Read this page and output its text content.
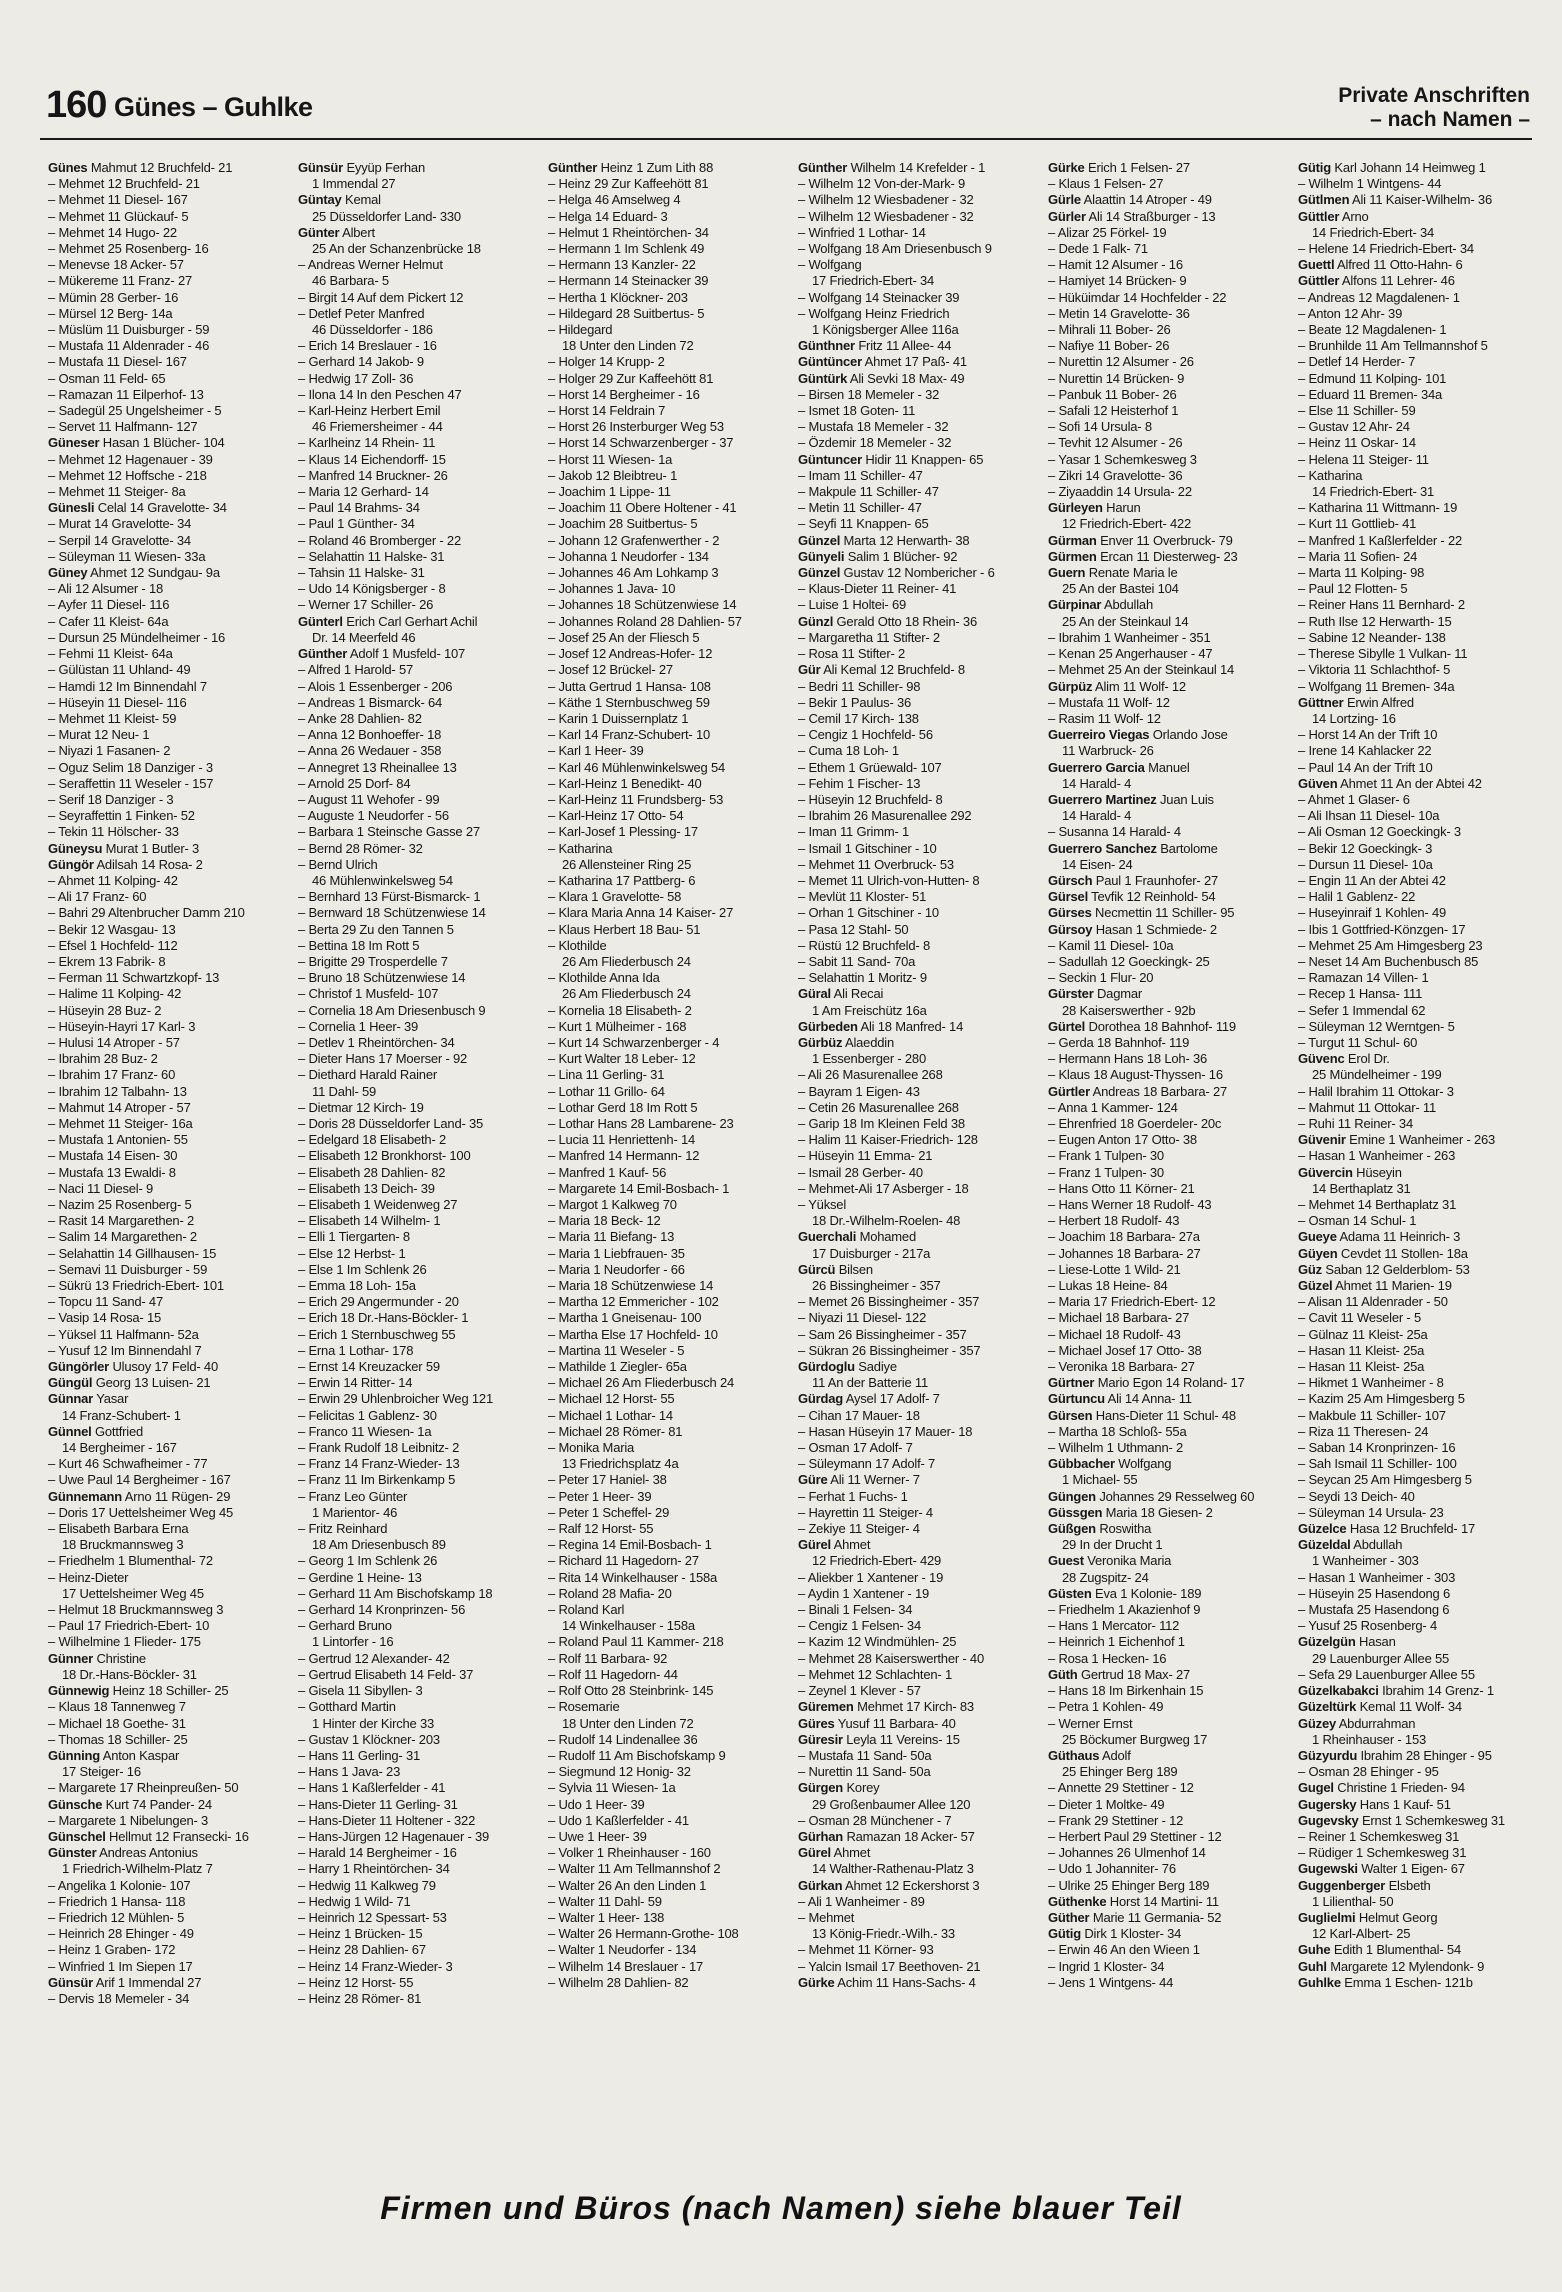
160 Günes – Guhlke	Private Anschriften
– nach Namen –
Günes Mahmut 12 Bruchfeld- 21
– Mehmet 12 Bruchfeld- 21
– Mehmet 11 Diesel- 167
– Mehmet 11 Glückauf- 5
– Mehmet 14 Hugo- 22
– Mehmet 25 Rosenberg- 16
– Menevse 18 Acker- 57
– Mükereme 11 Franz- 27
– Mümin 28 Gerber- 16
– Mürsel 12 Berg- 14a
– Müslüm 11 Duisburger - 59
– Mustafa 11 Aldenrader - 46
– Mustafa 11 Diesel- 167
– Osman 11 Feld- 65
– Ramazan 11 Eilperhof- 13
– Sadegül 25 Ungelsheimer - 5
– Servet 11 Halfmann- 127
Güneser Hasan 1 Blücher- 104
– Mehmet 12 Hagenauer - 39
– Mehmet 12 Hoffsche - 218
– Mehmet 11 Steiger- 8a
Günesli Celal 14 Gravelotte- 34
– Murat 14 Gravelotte- 34
– Serpil 14 Gravelotte- 34
– Süleyman 11 Wiesen- 33a
Güney Ahmet 12 Sundgau- 9a
– Ali 12 Alsumer - 18
– Ayfer 11 Diesel- 116
– Cafer 11 Kleist- 64a
– Dursun 25 Mündelheimer - 16
– Fehmi 11 Kleist- 64a
– Gülüstan 11 Uhland- 49
– Hamdi 12 Im Binnendahl 7
– Hüseyin 11 Diesel- 116
– Mehmet 11 Kleist- 59
– Murat 12 Neu- 1
– Niyazi 1 Fasanen- 2
– Oguz Selim 18 Danziger - 3
– Seraffettin 11 Weseler - 157
– Serif 18 Danziger - 3
– Seyraffettin 1 Finken- 52
– Tekin 11 Hölscher- 33
Güneysu Murat 1 Butler- 3
Güngör Adilsah 14 Rosa- 2
– Ahmet 11 Kolping- 42
– Ali 17 Franz- 60
– Bahri 29 Altenbrucher Damm 210
– Bekir 12 Wasgau- 13
– Efsel 1 Hochfeld- 112
– Ekrem 13 Fabrik- 8
– Ferman 11 Schwartzkopf- 13
– Halime 11 Kolping- 42
– Hüseyin 28 Buz- 2
– Hüseyin-Hayri 17 Karl- 3
– Hulusi 14 Atroper - 57
– Ibrahim 28 Buz- 2
– Ibrahim 17 Franz- 60
– Ibrahim 12 Talbahn- 13
– Mahmut 14 Atroper - 57
– Mehmet 11 Steiger- 16a
– Mustafa 1 Antonien- 55
– Mustafa 14 Eisen- 30
– Mustafa 13 Ewaldi- 8
– Naci 11 Diesel- 9
– Nazim 25 Rosenberg- 5
– Rasit 14 Margarethen- 2
– Salim 14 Margarethen- 2
– Selahattin 14 Gillhausen- 15
– Semavi 11 Duisburger - 59
– Sükrü 13 Friedrich-Ebert- 101
– Topcu 11 Sand- 47
– Vasip 14 Rosa- 15
– Yüksel 11 Halfmann- 52a
– Yusuf 12 Im Binnendahl 7
Güngörler Ulusoy 17 Feld- 40
Güngül Georg 13 Luisen- 21
Günnar Yasar
14 Franz-Schubert- 1
Günnel Gottfried
14 Bergheimer - 167
– Kurt 46 Schwafheimer - 77
– Uwe Paul 14 Bergheimer - 167
Günnemann Arno 11 Rügen- 29
– Doris 17 Uettelsheimer Weg 45
– Elisabeth Barbara Erna
18 Bruckmannsweg 3
– Friedhelm 1 Blumenthal- 72
– Heinz-Dieter
17 Uettelsheimer Weg 45
– Helmut 18 Bruckmannsweg 3
– Paul 17 Friedrich-Ebert- 10
– Wilhelmine 1 Flieder- 175
Günner Christine
18 Dr.-Hans-Böckler- 31
Günnewig Heinz 18 Schiller- 25
– Klaus 18 Tannenweg 7
– Michael 18 Goethe- 31
– Thomas 18 Schiller- 25
Günning Anton Kaspar
17 Steiger- 16
– Margarete 17 Rheinpreußen- 50
Günsche Kurt 74 Pander- 24
– Margarete 1 Nibelungen- 3
Günschel Hellmut 12 Fransecki- 16
Günster Andreas Antonius
1 Friedrich-Wilhelm-Platz 7
– Angelika 1 Kolonie- 107
– Friedrich 1 Hansa- 118
– Friedrich 12 Mühlen- 5
– Heinrich 28 Ehinger - 49
– Heinz 1 Graben- 172
– Winfried 1 Im Siepen 17
Günsür Arif 1 Immendal 27
– Dervis 18 Memeler - 34
Günsür Eyyüp Ferhan
1 Immendal 27
Güntay Kemal
25 Düsseldorfer Land- 330
Günter Albert
25 An der Schanzenbrücke 18
– Andreas Werner Helmut
46 Barbara- 5
– Birgit 14 Auf dem Pickert 12
– Detlef Peter Manfred
46 Düsseldorfer - 186
– Erich 14 Breslauer - 16
– Gerhard 14 Jakob- 9
– Hedwig 17 Zoll- 36
– Ilona 14 In den Peschen 47
– Karl-Heinz Herbert Emil
46 Friemersheimer - 44
– Karlheinz 14 Rhein- 11
– Klaus 14 Eichendorff- 15
– Manfred 14 Bruckner- 26
– Maria 12 Gerhard- 14
– Paul 14 Brahms- 34
– Paul 1 Günther- 34
– Roland 46 Bromberger - 22
– Selahattin 11 Halske- 31
– Tahsin 11 Halske- 31
– Udo 14 Königsberger - 8
– Werner 17 Schiller- 26
Günterl Erich Carl Gerhart Achil
Dr. 14 Meerfeld 46
Günther Adolf 1 Musfeld- 107
– Alfred 1 Harold- 57
– Alois 1 Essenberger - 206
– Andreas 1 Bismarck- 64
– Anke 28 Dahlien- 82
– Anna 12 Bonhoeffer- 18
– Anna 26 Wedauer - 358
– Annegret 13 Rheinallee 13
– Arnold 25 Dorf- 84
– August 11 Wehofer - 99
– Auguste 1 Neudorfer - 56
– Barbara 1 Steinsche Gasse 27
– Bernd 28 Römer- 32
– Bernd Ulrich
46 Mühlenwinkelsweg 54
– Bernhard 13 Fürst-Bismarck- 1
– Bernward 18 Schützenwiese 14
– Berta 29 Zu den Tannen 5
– Bettina 18 Im Rott 5
– Brigitte 29 Trosperdelle 7
– Bruno 18 Schützenwiese 14
– Christof 1 Musfeld- 107
– Cornelia 18 Am Driesenbusch 9
– Cornelia 1 Heer- 39
– Detlev 1 Rheintörchen- 34
– Dieter Hans 17 Moerser - 92
– Diethard Harald Rainer
11 Dahl- 59
– Dietmar 12 Kirch- 19
– Doris 28 Düsseldorfer Land- 35
– Edelgard 18 Elisabeth- 2
– Elisabeth 12 Bronkhorst- 100
– Elisabeth 28 Dahlien- 82
– Elisabeth 13 Deich- 39
– Elisabeth 1 Weidenweg 27
– Elisabeth 14 Wilhelm- 1
– Elli 1 Tiergarten- 8
– Else 12 Herbst- 1
– Else 1 Im Schlenk 26
– Emma 18 Loh- 15a
– Erich 29 Angermunder - 20
– Erich 18 Dr.-Hans-Böckler- 1
– Erich 1 Sternbuschweg 55
– Erna 1 Lothar- 178
– Ernst 14 Kreuzacker 59
– Erwin 14 Ritter- 14
– Erwin 29 Uhlenbroicher Weg 121
– Felicitas 1 Gablenz- 30
– Franco 11 Wiesen- 1a
– Frank Rudolf 18 Leibnitz- 2
– Franz 14 Franz-Wieder- 13
– Franz 11 Im Birkenkamp 5
– Franz Leo Günter
1 Marientor- 46
– Fritz Reinhard
18 Am Driesenbusch 89
– Georg 1 Im Schlenk 26
– Gerdine 1 Heine- 13
– Gerhard 11 Am Bischofskamp 18
– Gerhard 14 Kronprinzen- 56
– Gerhard Bruno
1 Lintorfer - 16
– Gertrud 12 Alexander- 42
– Gertrud Elisabeth 14 Feld- 37
– Gisela 11 Sibyllen- 3
– Gotthard Martin
1 Hinter der Kirche 33
– Gustav 1 Klöckner- 203
– Hans 11 Gerling- 31
– Hans 1 Java- 23
– Hans 1 Kaßlerfelder - 41
– Hans-Dieter 11 Gerling- 31
– Hans-Dieter 11 Holtener - 322
– Hans-Jürgen 12 Hagenauer - 39
– Harald 14 Bergheimer - 16
– Harry 1 Rheintörchen- 34
– Hedwig 11 Kalkweg 79
– Hedwig 1 Wild- 71
– Heinrich 12 Spessart- 53
– Heinz 1 Brücken- 15
– Heinz 28 Dahlien- 67
– Heinz 14 Franz-Wieder- 3
– Heinz 12 Horst- 55
– Heinz 28 Römer- 81
Günther Heinz 1 Zum Lith 88
– Heinz 29 Zur Kaffeehött 81
– Helga 46 Amselweg 4
– Helga 14 Eduard- 3
– Helmut 1 Rheintörchen- 34
– Hermann 1 Im Schlenk 49
– Hermann 13 Kanzler- 22
– Hermann 14 Steinacker 39
– Hertha 1 Klöckner- 203
– Hildegard 28 Suitbertus- 5
– Hildegard
18 Unter den Linden 72
– Holger 14 Krupp- 2
– Holger 29 Zur Kaffeehött 81
– Horst 14 Bergheimer - 16
– Horst 14 Feldrain 7
– Horst 26 Insterburger Weg 53
– Horst 14 Schwarzenberger - 37
– Horst 11 Wiesen- 1a
– Jakob 12 Bleibtreu- 1
– Joachim 1 Lippe- 11
– Joachim 11 Obere Holtener - 41
– Joachim 28 Suitbertus- 5
– Johann 12 Grafenwerther - 2
– Johanna 1 Neudorfer - 134
– Johannes 46 Am Lohkamp 3
– Johannes 1 Java- 10
– Johannes 18 Schützenwiese 14
– Johannes Roland 28 Dahlien- 57
– Josef 25 An der Fliesch 5
– Josef 12 Andreas-Hofer- 12
– Josef 12 Brückel- 27
– Jutta Gertrud 1 Hansa- 108
– Käthe 1 Sternbuschweg 59
– Karin 1 Duissernplatz 1
– Karl 14 Franz-Schubert- 10
– Karl 1 Heer- 39
– Karl 46 Mühlenwinkelsweg 54
– Karl-Heinz 1 Benedikt- 40
– Karl-Heinz 11 Frundsberg- 53
– Karl-Heinz 17 Otto- 54
– Karl-Josef 1 Plessing- 17
– Katharina
26 Allensteiner Ring 25
– Katharina 17 Pattberg- 6
– Klara 1 Gravelotte- 58
– Klara Maria Anna 14 Kaiser- 27
– Klaus Herbert 18 Bau- 51
– Klothilde
26 Am Fliederbusch 24
– Klothilde Anna Ida
26 Am Fliederbusch 24
– Kornelia 18 Elisabeth- 2
– Kurt 1 Mülheimer - 168
– Kurt 14 Schwarzenberger - 4
– Kurt Walter 18 Leber- 12
– Lina 11 Gerling- 31
– Lothar 11 Grillo- 64
– Lothar Gerd 18 Im Rott 5
– Lothar Hans 28 Lambarene- 23
– Lucia 11 Henriettenh- 14
– Manfred 14 Hermann- 12
– Manfred 1 Kauf- 56
– Margarete 14 Emil-Bosbach- 1
– Margot 1 Kalkweg 70
– Maria 18 Beck- 12
– Maria 11 Biefang- 13
– Maria 1 Liebfrauen- 35
– Maria 1 Neudorfer - 66
– Maria 18 Schützenwiese 14
– Martha 12 Emmericher - 102
– Martha 1 Gneisenau- 100
– Martha Else 17 Hochfeld- 10
– Martina 11 Weseler - 5
– Mathilde 1 Ziegler- 65a
– Michael 26 Am Fliederbusch 24
– Michael 12 Horst- 55
– Michael 1 Lothar- 14
– Michael 28 Römer- 81
– Monika Maria
13 Friedrichsplatz 4a
– Peter 17 Haniel- 38
– Peter 1 Heer- 39
– Peter 1 Scheffel- 29
– Ralf 12 Horst- 55
– Regina 14 Emil-Bosbach- 1
– Richard 11 Hagedorn- 27
– Rita 14 Winkelhauser - 158a
– Roland 28 Mafia- 20
– Roland Karl
14 Winkelhauser - 158a
– Roland Paul 11 Kammer- 218
– Rolf 11 Barbara- 92
– Rolf 11 Hagedorn- 44
– Rolf Otto 28 Steinbrink- 145
– Rosemarie
18 Unter den Linden 72
– Rudolf 14 Lindenallee 36
– Rudolf 11 Am Bischofskamp 9
– Siegmund 12 Honig- 32
– Sylvia 11 Wiesen- 1a
– Udo 1 Heer- 39
– Udo 1 Kaßlerfelder - 41
– Uwe 1 Heer- 39
– Volker 1 Rheinhauser - 160
– Walter 11 Am Tellmannshof 2
– Walter 26 An den Linden 1
– Walter 11 Dahl- 59
– Walter 1 Heer- 138
– Walter 26 Hermann-Grothe- 108
– Walter 1 Neudorfer - 134
– Wilhelm 14 Breslauer - 17
– Wilhelm 28 Dahlien- 82
Günther Wilhelm 14 Krefelder - 1
– Wilhelm 12 Von-der-Mark- 9
– Wilhelm 12 Wiesbadener - 32
– Wilhelm 12 Wiesbadener - 32
– Winfried 1 Lothar- 14
– Wolfgang 18 Am Driesenbusch 9
– Wolfgang
17 Friedrich-Ebert- 34
– Wolfgang 14 Steinacker 39
– Wolfgang Heinz Friedrich
1 Königsberger Allee 116a
Günthner Fritz 11 Allee- 44
Güntüncer Ahmet 17 Paß- 41
Güntürk Ali Sevki 18 Max- 49
– Birsen 18 Memeler - 32
– Ismet 18 Goten- 11
– Mustafa 18 Memeler - 32
– Özdemir 18 Memeler - 32
Güntuncer Hidir 11 Knappen- 65
– Imam 11 Schiller- 47
– Makpule 11 Schiller- 47
– Metin 11 Schiller- 47
– Seyfi 11 Knappen- 65
Günzel Marta 12 Herwarth- 38
Günyeli Salim 1 Blücher- 92
Günzel Gustav 12 Nombericher - 6
– Klaus-Dieter 11 Reiner- 41
– Luise 1 Holtei- 69
Günzl Gerald Otto 18 Rhein- 36
– Margaretha 11 Stifter- 2
– Rosa 11 Stifter- 2
Gür Ali Kemal 12 Bruchfeld- 8
– Bedri 11 Schiller- 98
– Bekir 1 Paulus- 36
– Cemil 17 Kirch- 138
– Cengiz 1 Hochfeld- 56
– Cuma 18 Loh- 1
– Ethem 1 Grüewald- 107
– Fehim 1 Fischer- 13
– Hüseyin 12 Bruchfeld- 8
– Ibrahim 26 Masurenallee 292
– Iman 11 Grimm- 1
– Ismail 1 Gitschiner - 10
– Mehmet 11 Overbruck- 53
– Memet 11 Ulrich-von-Hutten- 8
– Mevlüt 11 Kloster- 51
– Orhan 1 Gitschiner - 10
– Pasa 12 Stahl- 50
– Rüstü 12 Bruchfeld- 8
– Sabit 11 Sand- 70a
– Selahattin 1 Moritz- 9
Güral Ali Recai
1 Am Freischütz 16a
Gürbeden Ali 18 Manfred- 14
Gürbüz Alaeddin
1 Essenberger - 280
– Ali 26 Masurenallee 268
– Bayram 1 Eigen- 43
– Cetin 26 Masurenallee 268
– Garip 18 Im Kleinen Feld 38
– Halim 11 Kaiser-Friedrich- 128
– Hüseyin 11 Emma- 21
– Ismail 28 Gerber- 40
– Mehmet-Ali 17 Asberger - 18
– Yüksel
18 Dr.-Wilhelm-Roelen- 48
Guerchali Mohamed
17 Duisburger - 217a
Gürcü Bilsen
26 Bissingheimer - 357
– Memet 26 Bissingheimer - 357
– Niyazi 11 Diesel- 122
– Sam 26 Bissingheimer - 357
– Sükran 26 Bissingheimer - 357
Gürdoglu Sadiye
11 An der Batterie 11
Gürdag Aysel 17 Adolf- 7
– Cihan 17 Mauer- 18
– Hasan Hüseyin 17 Mauer- 18
– Osman 17 Adolf- 7
– Süleymann 17 Adolf- 7
Güre Ali 11 Werner- 7
– Ferhat 1 Fuchs- 1
– Hayrettin 11 Steiger- 4
– Zekiye 11 Steiger- 4
Gürel Ahmet
12 Friedrich-Ebert- 429
– Aliekber 1 Xantener - 19
– Aydin 1 Xantener - 19
– Binali 1 Felsen- 34
– Cengiz 1 Felsen- 34
– Kazim 12 Windmühlen- 25
– Mehmet 28 Kaiserswerther - 40
– Mehmet 12 Schlachten- 1
– Zeynel 1 Klever - 57
Güremen Mehmet 17 Kirch- 83
Güres Yusuf 11 Barbara- 40
Güresir Leyla 11 Vereins- 15
– Mustafa 11 Sand- 50a
– Nurettin 11 Sand- 50a
Gürgen Korey
29 Großenbaumer Allee 120
– Osman 28 Münchener - 7
Gürhan Ramazan 18 Acker- 57
Gürel Ahmet
14 Walther-Rathenau-Platz 3
Gürkan Ahmet 12 Eckershorst 3
– Ali 1 Wanheimer - 89
– Mehmet
13 König-Friedr.-Wilh.- 33
– Mehmet 11 Körner- 93
– Yalcin Ismail 17 Beethoven- 21
Gürke Achim 11 Hans-Sachs- 4
Gürke Erich 1 Felsen- 27
– Klaus 1 Felsen- 27
Gürle Alaattin 14 Atroper - 49
Gürler Ali 14 Straßburger - 13
– Alizar 25 Förkel- 19
– Dede 1 Falk- 71
– Hamit 12 Alsumer - 16
– Hamiyet 14 Brücken- 9
– Hüküimdar 14 Hochfelder - 22
– Metin 14 Gravelotte- 36
– Mihrali 11 Bober- 26
– Nafiye 11 Bober- 26
– Nurettin 12 Alsumer - 26
– Nurettin 14 Brücken- 9
– Panbuk 11 Bober- 26
– Safali 12 Heisterhof 1
– Sofi 14 Ursula- 8
– Tevhit 12 Alsumer - 26
– Yasar 1 Schemkesweg 3
– Zikri 14 Gravelotte- 36
– Ziyaaddin 14 Ursula- 22
Gürleyen Harun
12 Friedrich-Ebert- 422
Gürman Enver 11 Overbruck- 79
Gürmen Ercan 11 Diesterweg- 23
Guern Renate Maria le
25 An der Bastei 104
Gürpinar Abdullah
25 An der Steinkaul 14
– Ibrahim 1 Wanheimer - 351
– Kenan 25 Angerhauser - 47
– Mehmet 25 An der Steinkaul 14
Gürpüz Alim 11 Wolf- 12
– Mustafa 11 Wolf- 12
– Rasim 11 Wolf- 12
Guerreiro Viegas Orlando Jose
11 Warbruck- 26
Guerrero Garcia Manuel
14 Harald- 4
Guerrero Martinez Juan Luis
14 Harald- 4
– Susanna 14 Harald- 4
Guerrero Sanchez Bartolome
14 Eisen- 24
Gürsch Paul 1 Fraunhofer- 27
Gürsel Tevfik 12 Reinhold- 54
Gürses Necmettin 11 Schiller- 95
Gürsoy Hasan 1 Schmiede- 2
– Kamil 11 Diesel- 10a
– Sadullah 12 Goeckingk- 25
– Seckin 1 Flur- 20
Gürster Dagmar
28 Kaiserswerther - 92b
Gürtel Dorothea 18 Bahnhof- 119
– Gerda 18 Bahnhof- 119
– Hermann Hans 18 Loh- 36
– Klaus 18 August-Thyssen- 16
Gürtler Andreas 18 Barbara- 27
– Anna 1 Kammer- 124
– Ehrenfried 18 Goerdeler- 20c
– Eugen Anton 17 Otto- 38
– Frank 1 Tulpen- 30
– Franz 1 Tulpen- 30
– Hans Otto 11 Körner- 21
– Hans Werner 18 Rudolf- 43
– Herbert 18 Rudolf- 43
– Joachim 18 Barbara- 27a
– Johannes 18 Barbara- 27
– Liese-Lotte 1 Wild- 21
– Lukas 18 Heine- 84
– Maria 17 Friedrich-Ebert- 12
– Michael 18 Barbara- 27
– Michael 18 Rudolf- 43
– Michael Josef 17 Otto- 38
– Veronika 18 Barbara- 27
Gürtner Mario Egon 14 Roland- 17
Gürtuncu Ali 14 Anna- 11
Gürsen Hans-Dieter 11 Schul- 48
– Martha 18 Schloß- 55a
– Wilhelm 1 Uthmann- 2
Gübbacher Wolfgang
1 Michael- 55
Güngen Johannes 29 Resselweg 60
Güssgen Maria 18 Giesen- 2
Güßgen Roswitha
29 In der Drucht 1
Guest Veronika Maria
28 Zugspitz- 24
Güsten Eva 1 Kolonie- 189
– Friedhelm 1 Akazienhof 9
– Hans 1 Mercator- 112
– Heinrich 1 Eichenhof 1
– Rosa 1 Hecken- 16
Güth Gertrud 18 Max- 27
– Hans 18 Im Birkenhain 15
– Petra 1 Kohlen- 49
– Werner Ernst
25 Böckumer Burgweg 17
Güthaus Adolf
25 Ehinger Berg 189
– Annette 29 Stettiner - 12
– Dieter 1 Moltke- 49
– Frank 29 Stettiner - 12
– Herbert Paul 29 Stettiner - 12
– Johannes 26 Ulmenhof 14
– Udo 1 Johanniter- 76
– Ulrike 25 Ehinger Berg 189
Güthenke Horst 14 Martini- 11
Güther Marie 11 Germania- 52
Gütig Dirk 1 Kloster- 34
– Erwin 46 An den Wieen 1
– Ingrid 1 Kloster- 34
– Jens 1 Wintgens- 44
Gütig Karl Johann 14 Heimweg 1
– Wilhelm 1 Wintgens- 44
Gütlmen Ali 11 Kaiser-Wilhelm- 36
Güttler Arno
14 Friedrich-Ebert- 34
– Helene 14 Friedrich-Ebert- 34
Guettl Alfred 11 Otto-Hahn- 6
Güttler Alfons 11 Lehrer- 46
– Andreas 12 Magdalenen- 1
– Anton 12 Ahr- 39
– Beate 12 Magdalenen- 1
– Brunhilde 11 Am Tellmannshof 5
– Detlef 14 Herder- 7
– Edmund 11 Kolping- 101
– Eduard 11 Bremen- 34a
– Else 11 Schiller- 59
– Gustav 12 Ahr- 24
– Heinz 11 Oskar- 14
– Helena 11 Steiger- 11
– Katharina
14 Friedrich-Ebert- 31
– Katharina 11 Wittmann- 19
– Kurt 11 Gottlieb- 41
– Manfred 1 Kaßlerfelder - 22
– Maria 11 Sofien- 24
– Marta 11 Kolping- 98
– Paul 12 Flotten- 5
– Reiner Hans 11 Bernhard- 2
– Ruth Ilse 12 Herwarth- 15
– Sabine 12 Neander- 138
– Therese Sibylle 1 Vulkan- 11
– Viktoria 11 Schlachthof- 5
– Wolfgang 11 Bremen- 34a
Güttner Erwin Alfred
14 Lortzing- 16
– Horst 14 An der Trift 10
– Irene 14 Kahlacker 22
– Paul 14 An der Trift 10
Güven Ahmet 11 An der Abtei 42
– Ahmet 1 Glaser- 6
– Ali Ihsan 11 Diesel- 10a
– Ali Osman 12 Goeckingk- 3
– Bekir 12 Goeckingk- 3
– Dursun 11 Diesel- 10a
– Engin 11 An der Abtei 42
– Halil 1 Gablenz- 22
– Huseyinraif 1 Kohlen- 49
– Ibis 1 Gottfried-Könzgen- 17
– Mehmet 25 Am Himgesberg 23
– Neset 14 Am Buchenbusch 85
– Ramazan 14 Villen- 1
– Recep 1 Hansa- 111
– Sefer 1 Immendal 62
– Süleyman 12 Werntgen- 5
– Turgut 11 Schul- 60
Güvenc Erol Dr.
25 Mündelheimer - 199
– Halil Ibrahim 11 Ottokar- 3
– Mahmut 11 Ottokar- 11
– Ruhi 11 Reiner- 34
Güvenir Emine 1 Wanheimer - 263
– Hasan 1 Wanheimer - 263
Güvercin Hüseyin
14 Berthaplatz 31
– Mehmet 14 Berthaplatz 31
– Osman 14 Schul- 1
Gueye Adama 11 Heinrich- 3
Güyen Cevdet 11 Stollen- 18a
Güz Saban 12 Gelderblom- 53
Güzel Ahmet 11 Marien- 19
– Alisan 11 Aldenrader - 50
– Cavit 11 Weseler - 5
– Gülnaz 11 Kleist- 25a
– Hasan 11 Kleist- 25a
– Hasan 11 Kleist- 25a
– Hikmet 1 Wanheimer - 8
– Kazim 25 Am Himgesberg 5
– Makbule 11 Schiller- 107
– Riza 11 Theresen- 24
– Saban 14 Kronprinzen- 16
– Sah Ismail 11 Schiller- 100
– Seycan 25 Am Himgesberg 5
– Seydi 13 Deich- 40
– Süleyman 14 Ursula- 23
Güzelce Hasa 12 Bruchfeld- 17
Güzeldal Abdullah
1 Wanheimer - 303
– Hasan 1 Wanheimer - 303
– Hüseyin 25 Hasendong 6
– Mustafa 25 Hasendong 6
– Yusuf 25 Rosenberg- 4
Güzelgün Hasan
29 Lauenburger Allee 55
– Sefa 29 Lauenburger Allee 55
Güzelkabakci Ibrahim 14 Grenz- 1
Güzeltürk Kemal 11 Wolf- 34
Güzey Abdurrahman
1 Rheinhauser - 153
Güzyurdu Ibrahim 28 Ehinger - 95
– Osman 28 Ehinger - 95
Gugel Christine 1 Frieden- 94
Gugersky Hans 1 Kauf- 51
Gugevsky Ernst 1 Schemkesweg 31
– Reiner 1 Schemkesweg 31
– Rüdiger 1 Schemkesweg 31
Gugewski Walter 1 Eigen- 67
Guggenberger Elsbeth
1 Lilienthal- 50
Guglielmi Helmut Georg
12 Karl-Albert- 25
Guhe Edith 1 Blumenthal- 54
Guhl Margarete 12 Mylendonk- 9
Guhlke Emma 1 Eschen- 121b
Firmen und Büros (nach Namen) siehe blauer Teil
